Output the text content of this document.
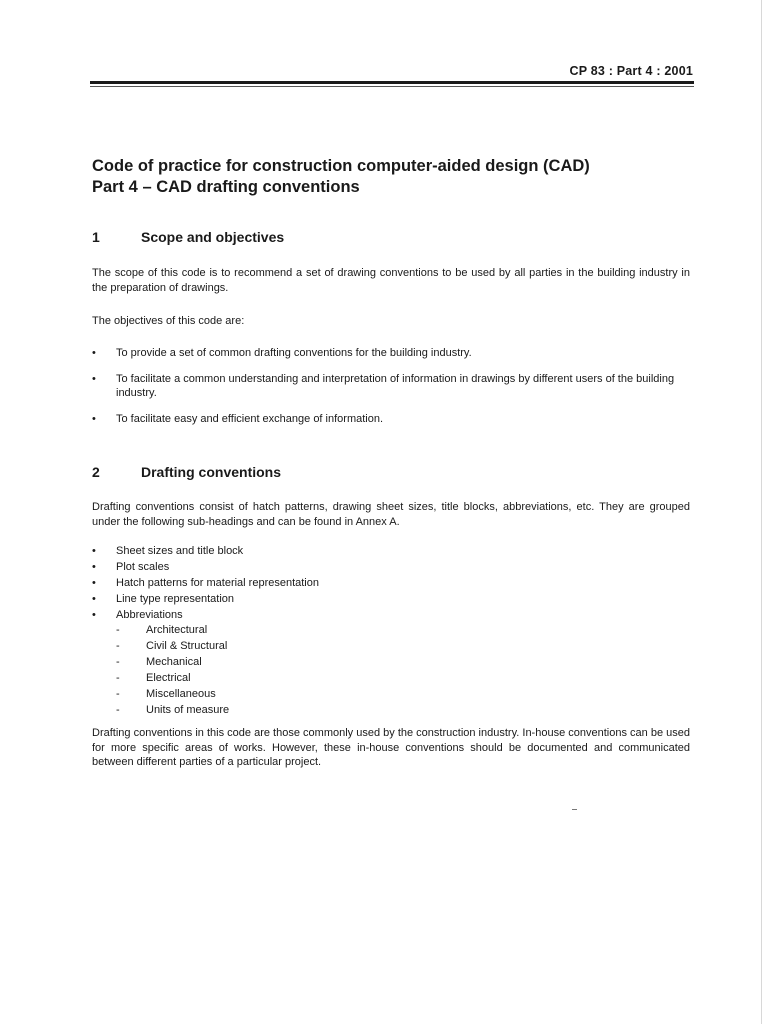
CP 83 : Part 4 : 2001
Code of practice for construction computer-aided design (CAD)
Part 4 – CAD drafting conventions
1	Scope and objectives

The scope of this code is to recommend a set of drawing conventions to be used by all parties in the building industry in the preparation of drawings.

The objectives of this code are:

• To provide a set of common drafting conventions for the building industry.
• To facilitate a common understanding and interpretation of information in drawings by different users of the building industry.
• To facilitate easy and efficient exchange of information.
2	Drafting conventions

Drafting conventions consist of hatch patterns, drawing sheet sizes, title blocks, abbreviations, etc. They are grouped under the following sub-headings and can be found in Annex A.

• Sheet sizes and title block
• Plot scales
• Hatch patterns for material representation
• Line type representation
• Abbreviations
- Architectural
- Civil & Structural
- Mechanical
- Electrical
- Miscellaneous
- Units of measure

Drafting conventions in this code are those commonly used by the construction industry. In-house conventions can be used for more specific areas of works. However, these in-house conventions should be documented and communicated between different parties of a particular project.
